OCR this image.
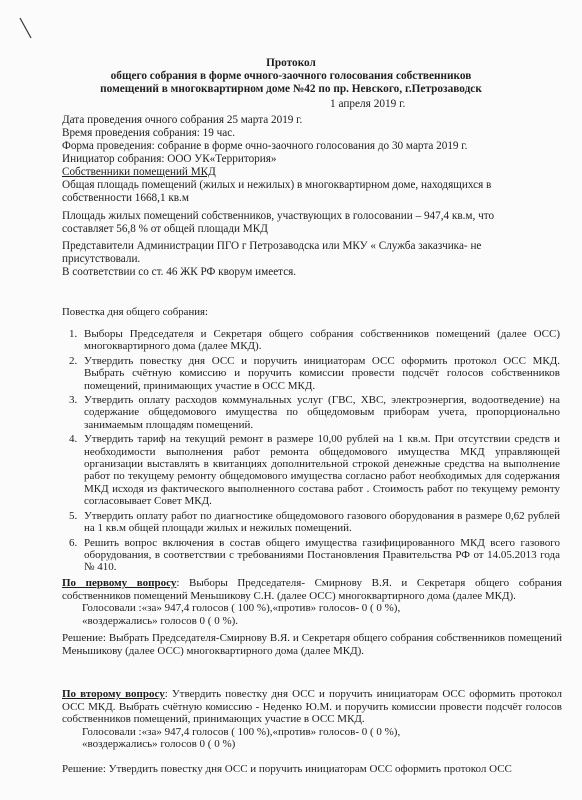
Протокол
общего собрания в форме очного-заочного голосования собственников
помещений в многоквартирном доме №42 по пр. Невского, г.Петрозаводск
1 апреля 2019 г.
Дата проведения очного собрания 25 марта 2019 г.
Время проведения собрания: 19 час.
Форма проведения: собрание в форме очно-заочного голосования до 30 марта 2019 г.
Инициатор собрания: ООО УК«Территория»
Собственники помещений МКД
Общая площадь помещений (жилых и нежилых) в многоквартирном доме, находящихся в
собственности 1668,1 кв.м
Площадь жилых помещений собственников, участвующих в голосовании – 947,4 кв.м, что
составляет 56,8 % от общей площади МКД
Представители Администрации ПГО г Петрозаводска или МКУ « Служба заказчика- не
присутствовали.
В соответствии со ст. 46 ЖК РФ кворум имеется.
Повестка дня общего собрания:
1. Выборы Председателя и Секретаря общего собрания собственников помещений (далее ОСС) многоквартирного дома (далее МКД).
2. Утвердить повестку дня ОСС и поручить инициаторам ОСС оформить протокол ОСС МКД. Выбрать счётную комиссию и поручить комиссии провести подсчёт голосов собственников помещений, принимающих участие в ОСС МКД.
3. Утвердить оплату расходов коммунальных услуг (ГВС, ХВС, электроэнергия, водоотведение) на содержание общедомового имущества по общедомовым приборам учета, пропорционально занимаемым площадям помещений.
4. Утвердить тариф на текущий ремонт в размере 10,00 рублей на 1 кв.м. При отсутствии средств и необходимости выполнения работ ремонта общедомового имущества МКД управляющей организации выставлять в квитанциях дополнительной строкой денежные средства на выполнение работ по текущему ремонту общедомового имущества согласно работ необходимых для содержания МКД исходя из фактического выполненного состава работ . Стоимость работ по текущему ремонту согласовывает Совет МКД.
5. Утвердить оплату работ по диагностике общедомового газового оборудования в размере 0,62 рублей на 1 кв.м общей площади жилых и нежилых помещений.
6. Решить вопрос включения в состав общего имущества газифицированного МКД всего газового оборудования, в соответствии с требованиями Постановления Правительства РФ от 14.05.2013 года № 410.
По первому вопросу: Выборы Председателя- Смирнову В.Я. и Секретаря общего собрания собственников помещений Меньшикову С.Н. (далее ОСС) многоквартирного дома (далее МКД).
Голосовали :«за» 947,4 голосов ( 100 %),«против» голосов- 0 ( 0 %),
«воздержались» голосов 0 ( 0 %).
Решение: Выбрать Председателя-Смирнову В.Я. и Секретаря общего собрания собственников помещений Меньшикову (далее ОСС) многоквартирного дома (далее МКД).
По второму вопросу: Утвердить повестку дня ОСС и поручить инициаторам ОСС оформить протокол ОСС МКД. Выбрать счётную комиссию - Неденко Ю.М. и поручить комиссии провести подсчёт голосов собственников помещений, принимающих участие в ОСС МКД.
Голосовали :«за» 947,4 голосов ( 100 %),«против» голосов- 0 ( 0 %),
«воздержались» голосов 0 ( 0 %)
Решение: Утвердить повестку дня ОСС и поручить инициаторам ОСС оформить протокол ОСС
